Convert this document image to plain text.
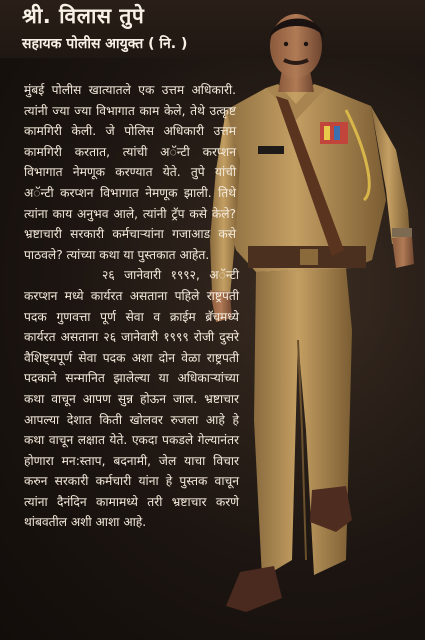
श्री. विलास तुपे
सहायक पोलीस आयुक्त ( नि. )

मुंबई पोलीस खात्यातले एक उत्तम अधिकारी. त्यांनी ज्या ज्या विभागात काम केले, तेथे उत्कृष्ट कामगिरी केली. जे पोलिस अधिकारी उत्तम कामगिरी करतात, त्यांची अॅन्टी करप्शन विभागात नेमणूक करण्यात येते. तुपे यांची अॅन्टी करप्शन विभागात नेमणूक झाली. तिथे त्यांना काय अनुभव आले, त्यांनी ट्रॅप कसे केले? भ्रष्टाचारी सरकारी कर्मचाऱ्यांना गजाआड कसे पाठवले? त्यांच्या कथा या पुस्तकात आहेत.

२६ जानेवारी १९९२, अॅन्टी करप्शन मध्ये कार्यरत असताना पहिले राष्ट्रपती पदक गुणवत्ता पूर्ण सेवा व क्राईम ब्रॅचमध्ये कार्यरत असताना २६ जानेवारी १९९९ रोजी दुसरे वैशिष्ट्यपूर्ण सेवा पदक अशा दोन वेळा राष्ट्रपती पदकाने सन्मानित झालेल्या या अधिकाऱ्यांच्या कथा वाचून आपण सुन्न होऊन जाल. भ्रष्टाचार आपल्या देशात किती खोलवर रुजला आहे हे कथा वाचून लक्षात येते. एकदा पकडले गेल्यानंतर होणारा मन:स्ताप, बदनामी, जेल याचा विचार करुन सरकारी कर्मचारी यांना हे पुस्तक वाचून त्यांना दैनंदिन कामामध्ये तरी भ्रष्टाचार करणे थांबवतील अशी आशा आहे.
